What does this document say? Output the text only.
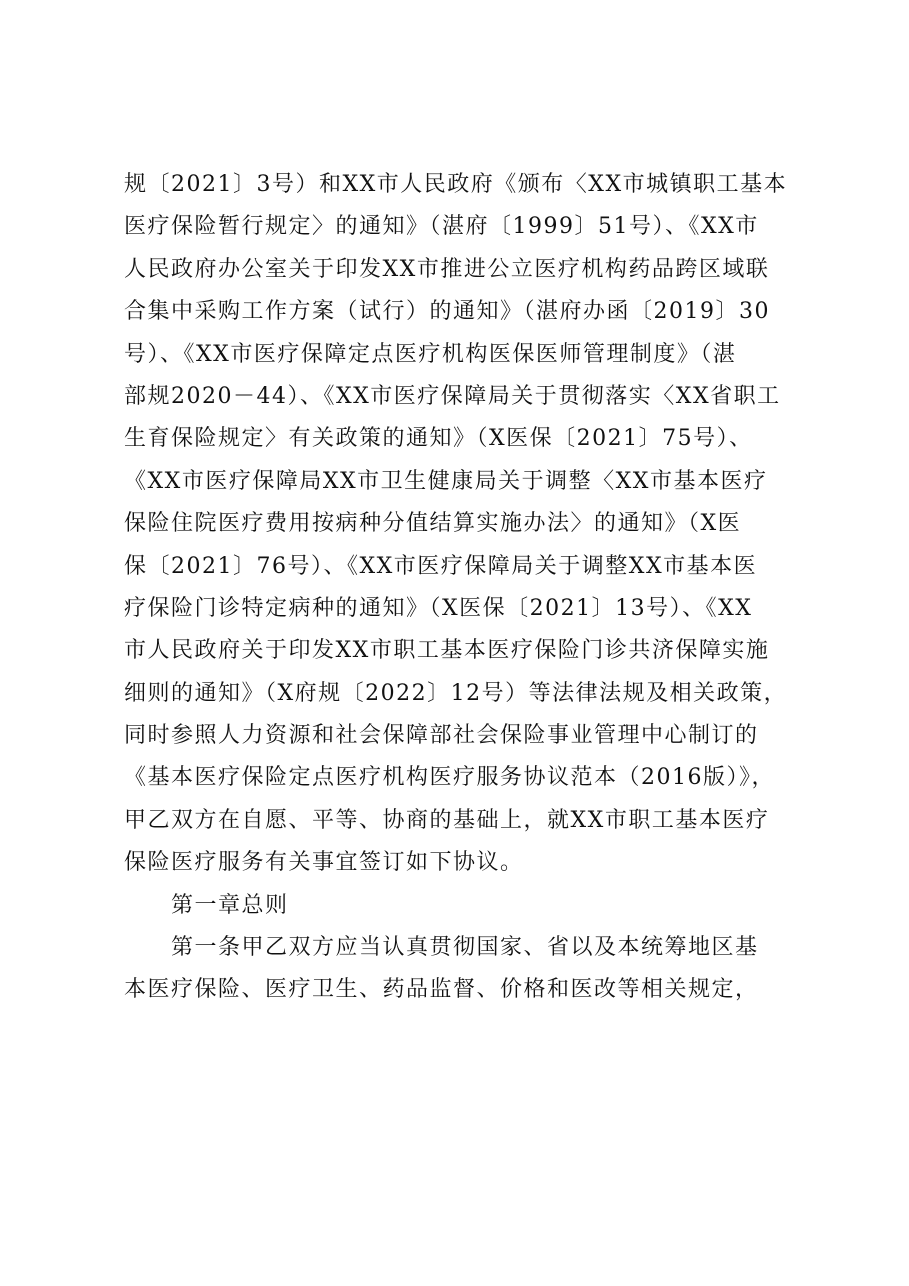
规〔2021〕3号）和XX市人民政府《颁布〈XX市城镇职工基本
医疗保险暂行规定〉的通知》（湛府〔1999〕51号）、《XX市
人民政府办公室关于印发XX市推进公立医疗机构药品跨区域联
合集中采购工作方案（试行）的通知》（湛府办函〔2019〕30
号）、《XX市医疗保障定点医疗机构医保医师管理制度》（湛
部规2020－44）、《XX市医疗保障局关于贯彻落实〈XX省职工
生育保险规定〉有关政策的通知》（X医保〔2021〕75号）、
《XX市医疗保障局XX市卫生健康局关于调整〈XX市基本医疗
保险住院医疗费用按病种分值结算实施办法〉的通知》（X医
保〔2021〕76号）、《XX市医疗保障局关于调整XX市基本医
疗保险门诊特定病种的通知》（X医保〔2021〕13号）、《XX
市人民政府关于印发XX市职工基本医疗保险门诊共济保障实施
细则的通知》（X府规〔2022〕12号）等法律法规及相关政策，
同时参照人力资源和社会保障部社会保险事业管理中心制订的
《基本医疗保险定点医疗机构医疗服务协议范本（2016版）》，
甲乙双方在自愿、平等、协商的基础上，就XX市职工基本医疗
保险医疗服务有关事宜签订如下协议。
第一章总则
第一条甲乙双方应当认真贯彻国家、省以及本统筹地区基
本医疗保险、医疗卫生、药品监督、价格和医改等相关规定，
